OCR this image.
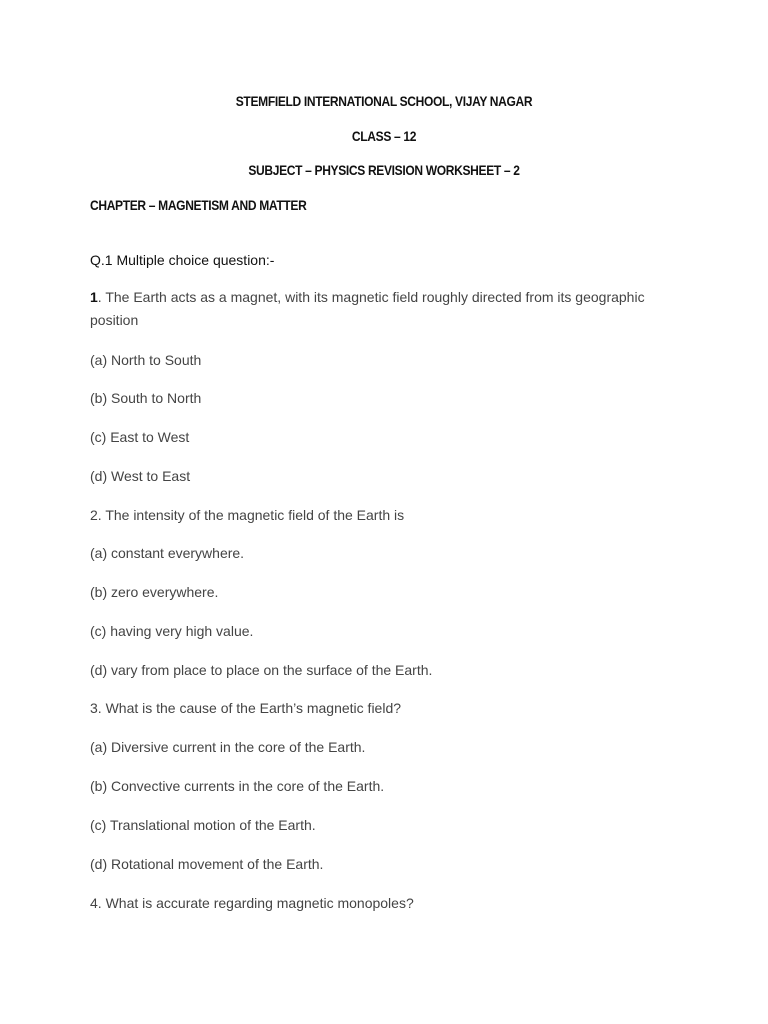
STEMFIELD INTERNATIONAL SCHOOL, VIJAY NAGAR

CLASS – 12

SUBJECT – PHYSICS REVISION WORKSHEET – 2

CHAPTER – MAGNETISM AND MATTER

Q.1 Multiple choice question:-

1. The Earth acts as a magnet, with its magnetic field roughly directed from its geographic position

(a) North to South

(b) South to North

(c) East to West

(d) West to East

2. The intensity of the magnetic field of the Earth is

(a) constant everywhere.

(b) zero everywhere.

(c) having very high value.

(d) vary from place to place on the surface of the Earth.

3. What is the cause of the Earth’s magnetic field?

(a) Diversive current in the core of the Earth.

(b) Convective currents in the core of the Earth.

(c) Translational motion of the Earth.

(d) Rotational movement of the Earth.

4. What is accurate regarding magnetic monopoles?
